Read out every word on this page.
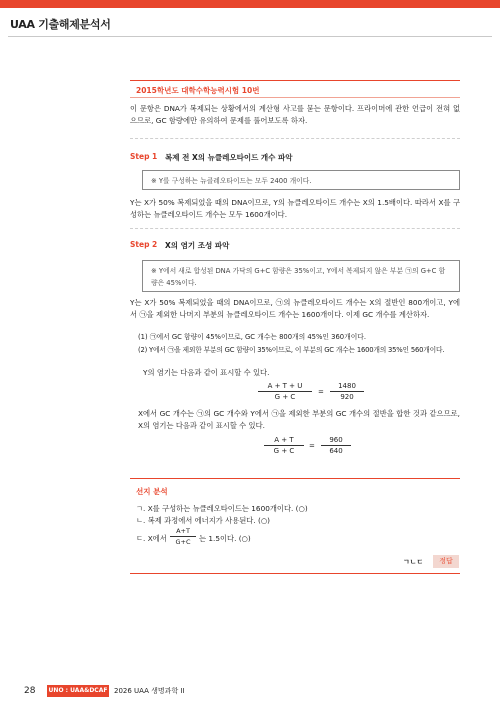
UAA 기출해제분석서
2015학년도 대학수학능력시험 10번
이 문항은 DNA가 복제되는 상황에서의 계산형 사고를 묻는 문항이다. 프라이머에 관한 언급이 전혀 없으므로, GC 함량에만 유의하여 문제를 풀어보도록 하자.
Step 1 복제 전 X의 뉴클레오타이드 개수 파악
※ Y를 구성하는 뉴클레오타이드는 모두 2400 개이다.
Y는 X가 50% 복제되었을 때의 DNA이므로, Y의 뉴클레오타이드 개수는 X의 1.5배이다. 따라서 X를 구성하는 뉴클레오타이드 개수는 모두 1600개이다.
Step 2 X의 염기 조성 파악
※ Y에서 새로 합성된 DNA 가닥의 G+C 함량은 35%이고, Y에서 복제되지 않은 부분 ㉠의 G+C 함량은 45%이다.
Y는 X가 50% 복제되었을 때의 DNA이므로, ㉠의 뉴클레오타이드 개수는 X의 절반인 800개이고, Y에서 ㉠을 제외한 나머지 부분의 뉴클레오타이드 개수는 1600개이다. 이제 GC 개수를 계산하자.
(1) ㉠에서 GC 함량이 45%이므로, GC 개수는 800개의 45%인 360개이다.
(2) Y에서 ㉠을 제외한 부분의 GC 함량이 35%이므로, 이 부분의 GC 개수는 1600개의 35%인 560개이다.
Y의 염기는 다음과 같이 표시할 수 있다.
$\frac{A + T + U}{G + C} = \frac{1480}{920}$
X에서 GC 개수는 ㉠의 GC 개수와 Y에서 ㉠을 제외한 부분의 GC 개수의 절반을 합한 것과 같으므로, X의 염기는 다음과 같이 표시할 수 있다.
$\frac{A + T}{G + C} = \frac{960}{640}$
선지 분석
ㄱ. X를 구성하는 뉴클레오타이드는 1600개이다. (○)
ㄴ. 복제 과정에서 에너지가 사용된다. (○)
ㄷ. X에서 $\frac{A+T}{G+C}$ 는 1.5이다. (○)
ㄱㄴㄷ	정답
28 UNO : UAA&DCAF 2026 UAA 생명과학 II
